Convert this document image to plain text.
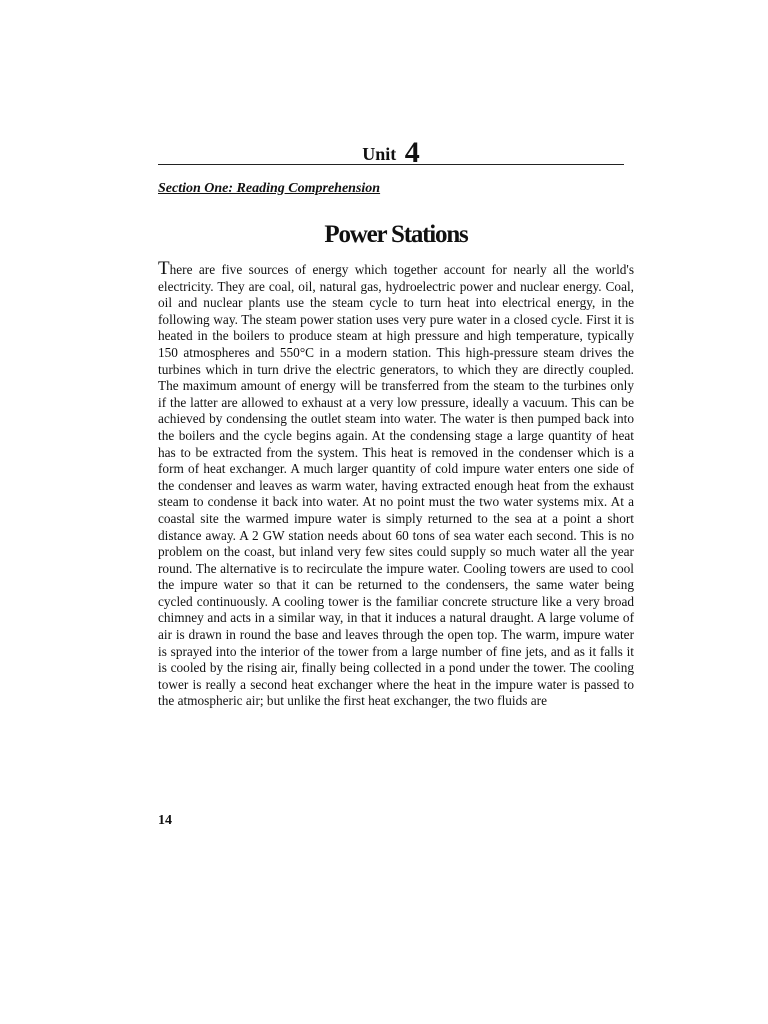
Unit 4
Section One: Reading Comprehension
Power Stations
There are five sources of energy which together account for nearly all the world's electricity. They are coal, oil, natural gas, hydroelectric power and nuclear energy. Coal, oil and nuclear plants use the steam cycle to turn heat into electrical energy, in the following way. The steam power station uses very pure water in a closed cycle. First it is heated in the boilers to produce steam at high pressure and high temperature, typically 150 atmospheres and 550°C in a modern station. This high-pressure steam drives the turbines which in turn drive the electric generators, to which they are directly coupled. The maximum amount of energy will be transferred from the steam to the turbines only if the latter are allowed to exhaust at a very low pressure, ideally a vacuum. This can be achieved by condensing the outlet steam into water. The water is then pumped back into the boilers and the cycle begins again. At the condensing stage a large quantity of heat has to be extracted from the system. This heat is removed in the condenser which is a form of heat exchanger. A much larger quantity of cold impure water enters one side of the condenser and leaves as warm water, having extracted enough heat from the exhaust steam to condense it back into water. At no point must the two water systems mix. At a coastal site the warmed impure water is simply returned to the sea at a point a short distance away. A 2 GW station needs about 60 tons of sea water each second. This is no problem on the coast, but inland very few sites could supply so much water all the year round. The alternative is to recirculate the impure water. Cooling towers are used to cool the impure water so that it can be returned to the condensers, the same water being cycled continuously. A cooling tower is the familiar concrete structure like a very broad chimney and acts in a similar way, in that it induces a natural draught. A large volume of air is drawn in round the base and leaves through the open top. The warm, impure water is sprayed into the interior of the tower from a large number of fine jets, and as it falls it is cooled by the rising air, finally being collected in a pond under the tower. The cooling tower is really a second heat exchanger where the heat in the impure water is passed to the atmospheric air; but unlike the first heat exchanger, the two fluids are
14
